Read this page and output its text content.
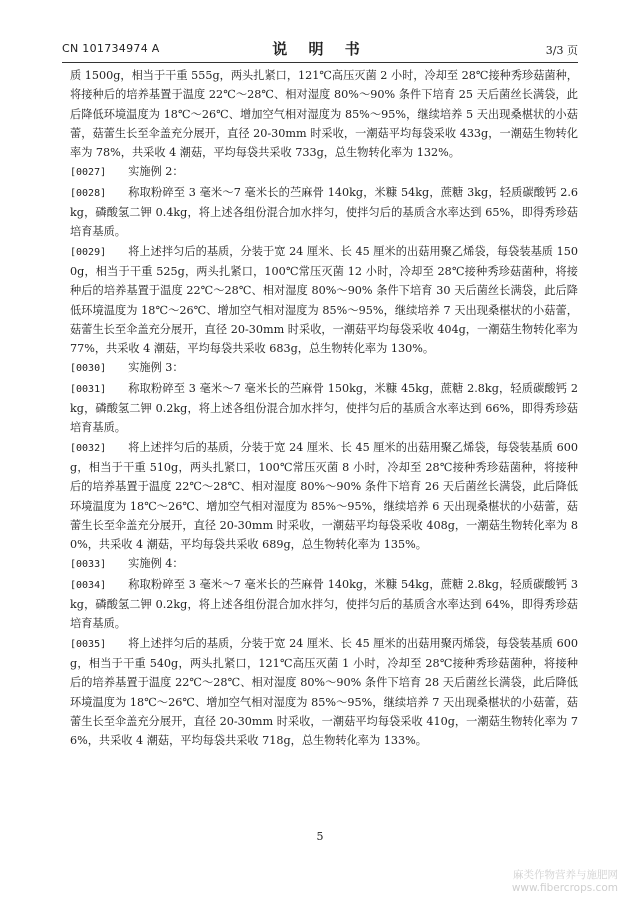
CN 101734974 A	说 明 书	3/3 页

质 1500g，相当于干重 555g，两头扎紧口，121℃高压灭菌 2 小时，冷却至 28℃接种秀珍菇菌种，将接种后的培养基置于温度 22℃～28℃、相对湿度 80%～90% 条件下培育 25 天后菌丝长满袋，此后降低环境温度为 18℃～26℃、增加空气相对湿度为 85%～95%，继续培养 5 天出现桑椹状的小菇蕾，菇蕾生长至伞盖充分展开，直径 20-30mm 时采收，一潮菇平均每袋采收 433g，一潮菇生物转化率为 78%，共采收 4 潮菇，平均每袋共采收 733g，总生物转化率为 132%。

[0027] 实施例 2：

[0028] 称取粉碎至 3 毫米～7 毫米长的苎麻骨 140kg，米糠 54kg，蔗糖 3kg，轻质碳酸钙 2.6kg，磷酸氢二钾 0.4kg，将上述各组份混合加水拌匀，使拌匀后的基质含水率达到 65%，即得秀珍菇培育基质。

[0029] 将上述拌匀后的基质，分装于宽 24 厘米、长 45 厘米的出菇用聚乙烯袋，每袋装基质 1500g，相当于干重 525g，两头扎紧口，100℃常压灭菌 12 小时，冷却至 28℃接种秀珍菇菌种，将接种后的培养基置于温度 22℃～28℃、相对湿度 80%～90% 条件下培育 30 天后菌丝长满袋，此后降低环境温度为 18℃～26℃、增加空气相对湿度为 85%～95%，继续培养 7 天出现桑椹状的小菇蕾，菇蕾生长至伞盖充分展开，直径 20-30mm 时采收，一潮菇平均每袋采收 404g，一潮菇生物转化率为 77%，共采收 4 潮菇，平均每袋共采收 683g，总生物转化率为 130%。

[0030] 实施例 3：

[0031] 称取粉碎至 3 毫米～7 毫米长的苎麻骨 150kg，米糠 45kg，蔗糖 2.8kg，轻质碳酸钙 2kg，磷酸氢二钾 0.2kg，将上述各组份混合加水拌匀，使拌匀后的基质含水率达到 66%，即得秀珍菇培育基质。

[0032] 将上述拌匀后的基质，分装于宽 24 厘米、长 45 厘米的出菇用聚乙烯袋，每袋装基质 600g，相当于干重 510g，两头扎紧口，100℃常压灭菌 8 小时，冷却至 28℃接种秀珍菇菌种，将接种后的培养基置于温度 22℃～28℃、相对湿度 80%～90% 条件下培育 26 天后菌丝长满袋，此后降低环境温度为 18℃～26℃、增加空气相对湿度为 85%～95%，继续培养 6 天出现桑椹状的小菇蕾，菇蕾生长至伞盖充分展开，直径 20-30mm 时采收，一潮菇平均每袋采收 408g，一潮菇生物转化率为 80%，共采收 4 潮菇，平均每袋共采收 689g，总生物转化率为 135%。

[0033] 实施例 4：

[0034] 称取粉碎至 3 毫米～7 毫米长的苎麻骨 140kg，米糠 54kg，蔗糖 2.8kg，轻质碳酸钙 3kg，磷酸氢二钾 0.2kg，将上述各组份混合加水拌匀，使拌匀后的基质含水率达到 64%，即得秀珍菇培育基质。

[0035] 将上述拌匀后的基质，分装于宽 24 厘米、长 45 厘米的出菇用聚丙烯袋，每袋装基质 600g，相当于干重 540g，两头扎紧口，121℃高压灭菌 1 小时，冷却至 28℃接种秀珍菇菌种，将接种后的培养基置于温度 22℃～28℃、相对湿度 80%～90% 条件下培育 28 天后菌丝长满袋，此后降低环境温度为 18℃～26℃、增加空气相对湿度为 85%～95%，继续培养 7 天出现桑椹状的小菇蕾，菇蕾生长至伞盖充分展开，直径 20-30mm 时采收，一潮菇平均每袋采收 410g，一潮菇生物转化率为 76%，共采收 4 潮菇，平均每袋共采收 718g，总生物转化率为 133%。

5
麻类作物营养与施肥网
www.fibercrops.com
